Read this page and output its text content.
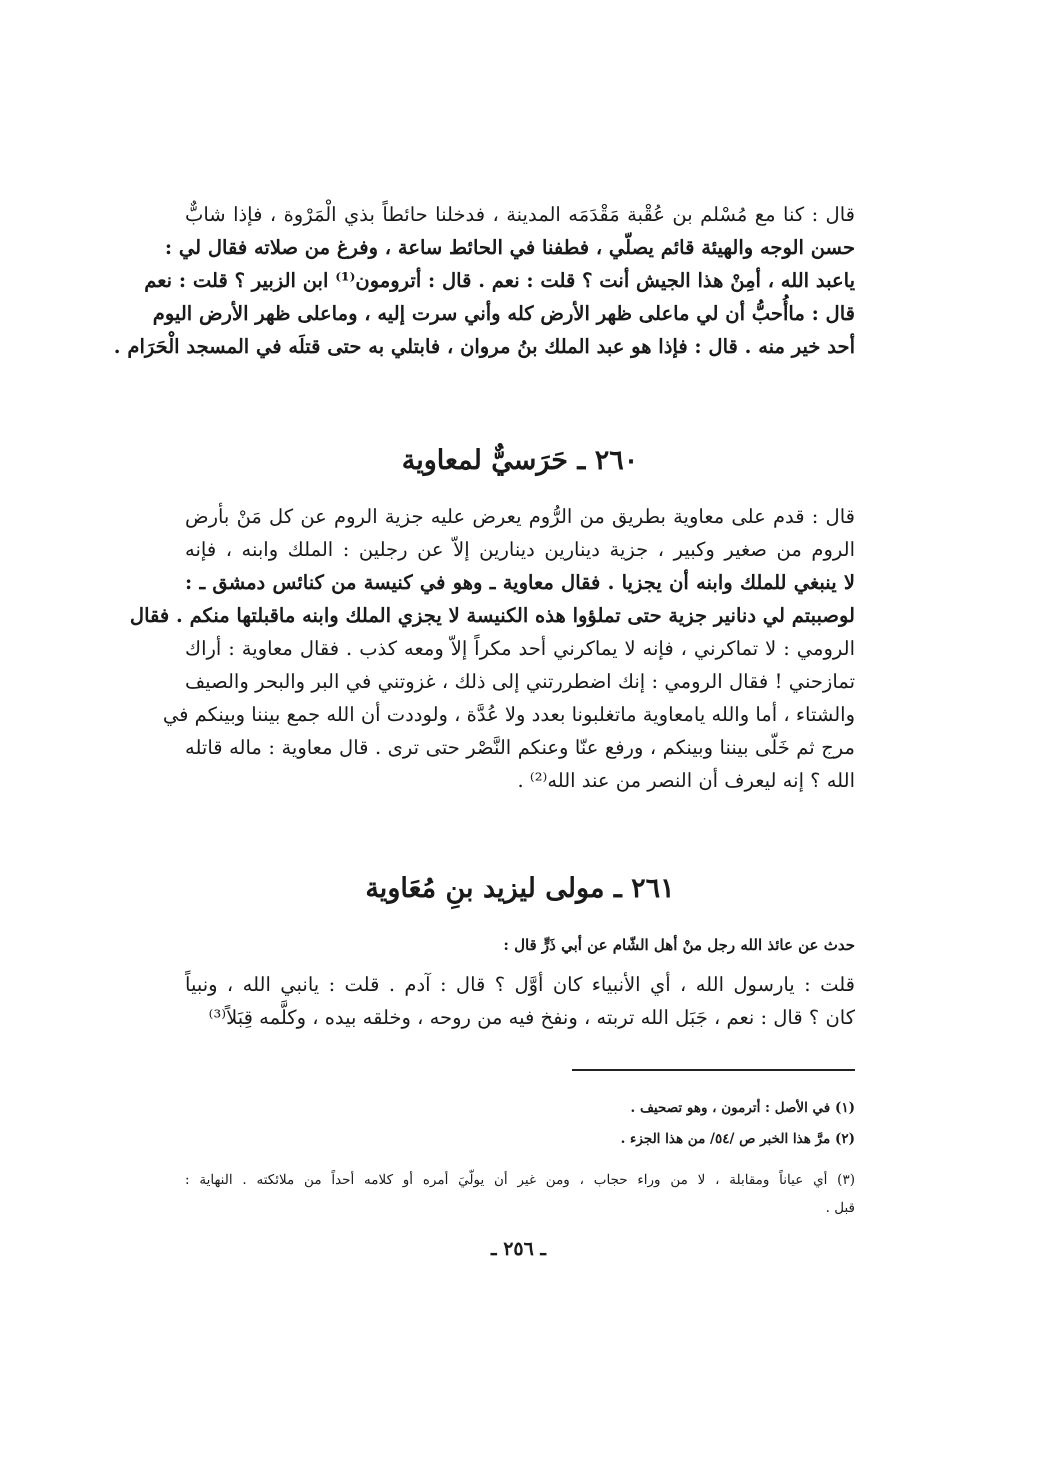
قال : كنا مع مُسْلم بن عُقْبة مَقْدَمَه المدينة ، فدخلنا حائطاً بذي الْمَرْوة ، فإذا شابٌّ
حسن الوجه والهيئة قائم يصلّي ، فطفنا في الحائط ساعة ، وفرغ من صلاته فقال لي :
ياعبد الله ، أمِنْ هذا الجيش أنت ؟ قلت : نعم . قال : أترومون⁽¹⁾ ابن الزبير ؟ قلت : نعم
قال : ماأُحبُّ أن لي ماعلى ظهر الأرض كله وأني سرت إليه ، وماعلى ظهر الأرض اليوم
أحد خير منه . قال : فإذا هو عبد الملك بنُ مروان ، فابتلي به حتى قتلَه في المسجد الْحَرَام .
٢٦٠ ـ حَرَسيٌّ لمعاوية
قال : قدم على معاوية بطريق من الرُّوم يعرض عليه جزية الروم عن كل مَنْ بأرض
الروم من صغير وكبير ، جزية دينارين دينارين إلاّ عن رجلين : الملك وابنه ، فإنه
لا ينبغي للملك وابنه أن يجزيا . فقال معاوية ـ وهو في كنيسة من كنائس دمشق ـ :
لوصببتم لي دنانير جزية حتى تملؤوا هذه الكنيسة لا يجزي الملك وابنه ماقبلتها منكم . فقال
الرومي : لا تماكرني ، فإنه لا يماكرني أحد مكراً إلاّ ومعه كذب . فقال معاوية : أراك
تمازحني ! فقال الرومي : إنك اضطررتني إلى ذلك ، غزوتني في البر والبحر والصيف
والشتاء ، أما والله يامعاوية ماتغلبونا بعدد ولا عُدَّة ، ولوددت أن الله جمع بيننا وبينكم في
مرج ثم خَلّى بيننا وبينكم ، ورفع عنّا وعنكم النَّصْر حتى ترى . قال معاوية : ماله قاتله
الله ؟ إنه ليعرف أن النصر من عند الله⁽²⁾ .
٢٦١ ـ مولى ليزيد بنِ مُعَاوية
حدث عن عائذ الله رجل منْ أهل الشّام عن أبي ذَرٍّ قال :
قلت : يارسول الله ، أي الأنبياء كان أوَّل ؟ قال : آدم . قلت : يانبي الله ، ونبياً
كان ؟ قال : نعم ، جَبَل الله تربته ، ونفخ فيه من روحه ، وخلقه بيده ، وكلَّمه قِبَلاً⁽³⁾
(١) في الأصل : أترمون ، وهو تصحيف .
(٢) مرَّ هذا الخبر ص /٥٤/ من هذا الجزء .
(٣) أي عياناً ومقابلة ، لا من وراء حجاب ، ومن غير أن يولّيَ أمره أو كلامه أحداً من ملائكته . النهاية :
قبل .
ـ ٢٥٦ ـ
